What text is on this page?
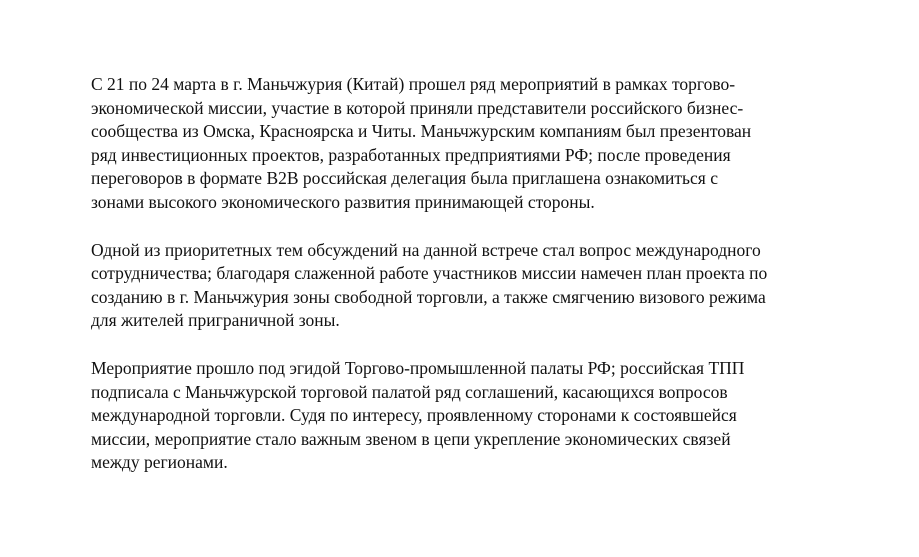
С 21 по 24 марта в г. Маньчжурия (Китай) прошел ряд мероприятий в рамках торгово-
экономической миссии, участие в которой приняли представители российского бизнес-
сообщества из Омска, Красноярска и Читы. Маньчжурским компаниям был презентован
ряд инвестиционных проектов, разработанных предприятиями РФ; после проведения
переговоров в формате B2B российская делегация была приглашена ознакомиться с
зонами высокого экономического развития принимающей стороны.

Одной из приоритетных тем обсуждений на данной встрече стал вопрос международного
сотрудничества; благодаря слаженной работе участников миссии намечен план проекта по
созданию в г. Маньчжурия зоны свободной торговли, а также смягчению визового режима
для жителей приграничной зоны.

Мероприятие прошло под эгидой Торгово-промышленной палаты РФ; российская ТПП
подписала с Маньчжурской торговой палатой ряд соглашений, касающихся вопросов
международной торговли. Судя по интересу, проявленному сторонами к состоявшейся
миссии, мероприятие стало важным звеном в цепи укрепление экономических связей
между регионами.
